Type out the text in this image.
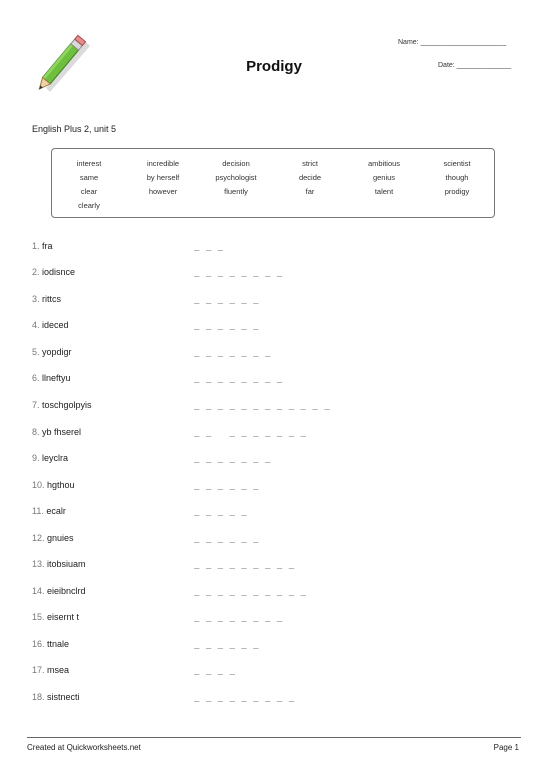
Prodigy
Name: ______________________
Date: ______________
English Plus 2, unit 5
interest	incredible	decision	strict	ambitious	scientist
same	by herself	psychologist	decide	genius	though
clear	however	fluently	far	talent	prodigy
clearly
1. fra	_ _ _
2. iodisnce	_ _ _ _ _ _ _ _
3. rittcs	_ _ _ _ _ _
4. ideced	_ _ _ _ _ _
5. yopdigr	_ _ _ _ _ _ _
6. llneftyu	_ _ _ _ _ _ _ _
7. toschgolpyis	_ _ _ _ _ _ _ _ _ _ _ _
8. yb fhserel	_ _   _ _ _ _ _ _ _
9. leyclra	_ _ _ _ _ _ _
10. hgthou	_ _ _ _ _ _
11. ecalr	_ _ _ _ _
12. gnuies	_ _ _ _ _ _
13. itobsiuam	_ _ _ _ _ _ _ _ _
14. eieibnclrd	_ _ _ _ _ _ _ _ _ _
15. eisernt t	_ _ _ _ _ _ _ _
16. ttnale	_ _ _ _ _ _
17. msea	_ _ _ _
18. sistnecti	_ _ _ _ _ _ _ _ _
Created at Quickworksheets.net	Page 1
